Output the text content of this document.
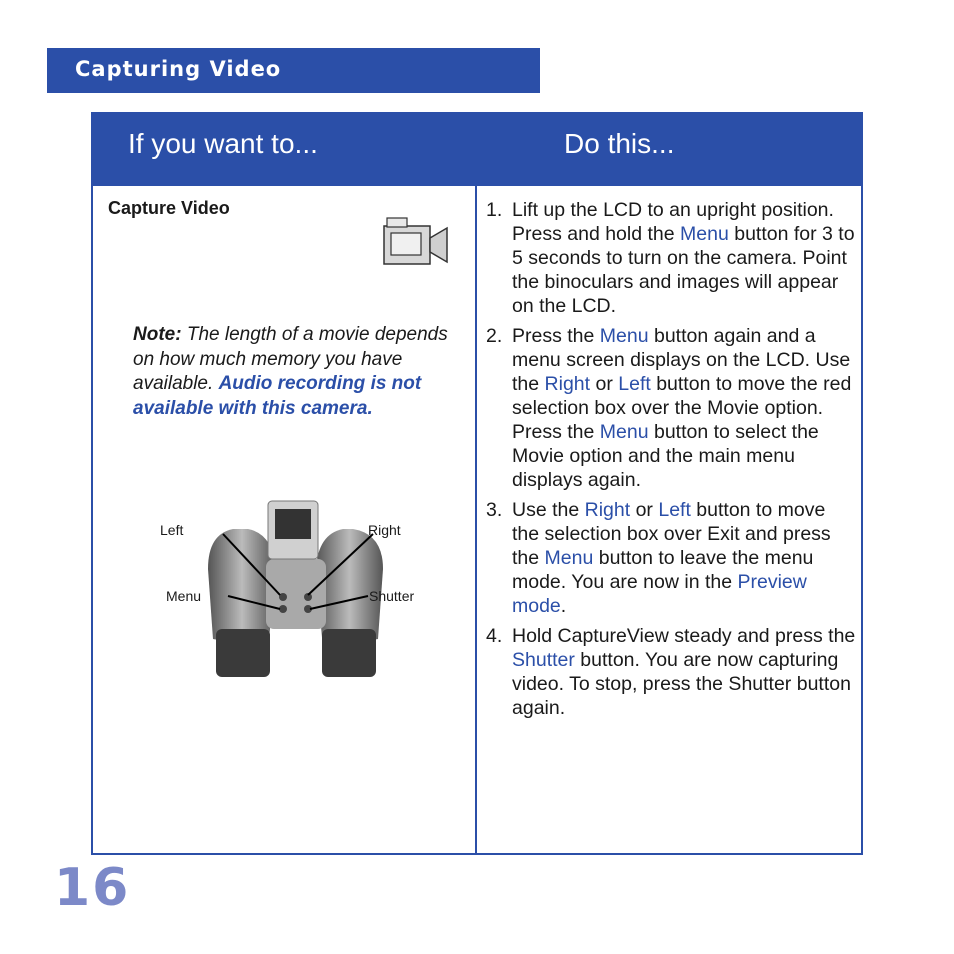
Capturing Video
If you want to...	Do this...
Capture Video
Note: The length of a movie depends on how much memory you have available. Audio recording is not available with this camera.
Left	Right
Menu	Shutter
1. Lift up the LCD to an upright position. Press and hold the Menu button for 3 to 5 seconds to turn on the camera. Point the binoculars and images will appear on the LCD.
2. Press the Menu button again and a menu screen displays on the LCD. Use the Right or Left button to move the red selection box over the Movie option. Press the Menu button to select the Movie option and the main menu displays again.
3. Use the Right or Left button to move the selection box over Exit and press the Menu button to leave the menu mode. You are now in the Preview mode.
4. Hold CaptureView steady and press the Shutter button. You are now capturing video. To stop, press the Shutter button again.
16
